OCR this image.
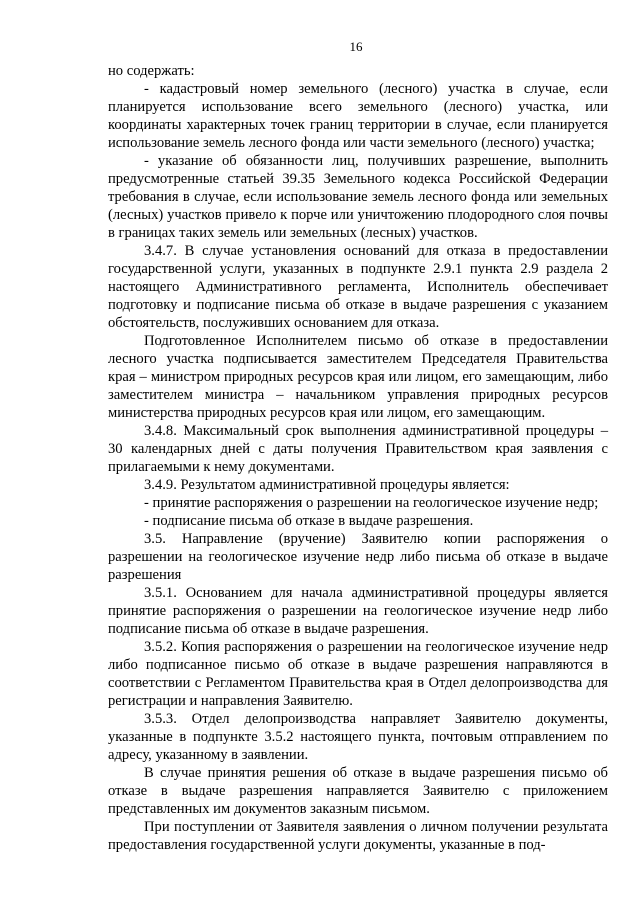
16

но содержать:

- кадастровый номер земельного (лесного) участка в случае, если планируется использование всего земельного (лесного) участка, или координаты характерных точек границ территории в случае, если планируется использование земель лесного фонда или части земельного (лесного) участка;

- указание об обязанности лиц, получивших разрешение, выполнить предусмотренные статьей 39.35 Земельного кодекса Российской Федерации требования в случае, если использование земель лесного фонда или земельных (лесных) участков привело к порче или уничтожению плодородного слоя почвы в границах таких земель или земельных (лесных) участков.

3.4.7. В случае установления оснований для отказа в предоставлении государственной услуги, указанных в подпункте 2.9.1 пункта 2.9 раздела 2 настоящего Административного регламента, Исполнитель обеспечивает подготовку и подписание письма об отказе в выдаче разрешения с указанием обстоятельств, послуживших основанием для отказа.

Подготовленное Исполнителем письмо об отказе в предоставлении лесного участка подписывается заместителем Председателя Правительства края – министром природных ресурсов края или лицом, его замещающим, либо заместителем министра – начальником управления природных ресурсов министерства природных ресурсов края или лицом, его замещающим.

3.4.8. Максимальный срок выполнения административной процедуры – 30 календарных дней с даты получения Правительством края заявления с прилагаемыми к нему документами.

3.4.9. Результатом административной процедуры является:

- принятие распоряжения о разрешении на геологическое изучение недр;

- подписание письма об отказе в выдаче разрешения.

3.5. Направление (вручение) Заявителю копии распоряжения о разрешении на геологическое изучение недр либо письма об отказе в выдаче разрешения

3.5.1. Основанием для начала административной процедуры является принятие распоряжения о разрешении на геологическое изучение недр либо подписание письма об отказе в выдаче разрешения.

3.5.2. Копия распоряжения о разрешении на геологическое изучение недр либо подписанное письмо об отказе в выдаче разрешения направляются в соответствии с Регламентом Правительства края в Отдел делопроизводства для регистрации и направления Заявителю.

3.5.3. Отдел делопроизводства направляет Заявителю документы, указанные в подпункте 3.5.2 настоящего пункта, почтовым отправлением по адресу, указанному в заявлении.

В случае принятия решения об отказе в выдаче разрешения письмо об отказе в выдаче разрешения направляется Заявителю с приложением представленных им документов заказным письмом.

При поступлении от Заявителя заявления о личном получении результата предоставления государственной услуги документы, указанные в под-
